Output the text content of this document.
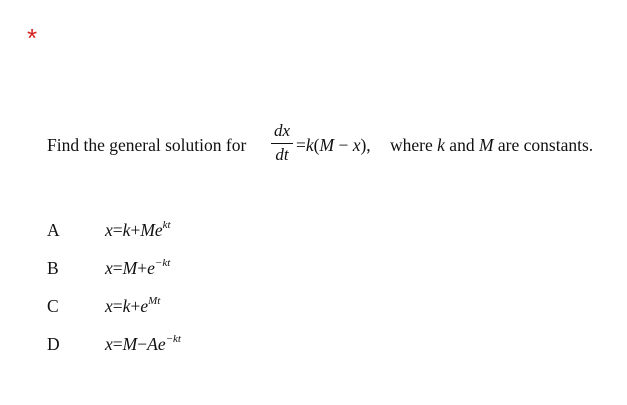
*
Find the general solution for
dx
dt =k(M − x), where k and M are constants.
A	$x=k+Me^{kt}$
B	$x=M+e^{-kt}$
C	$x=k+e^{Mt}$
D	$x=M-Ae^{-kt}$
